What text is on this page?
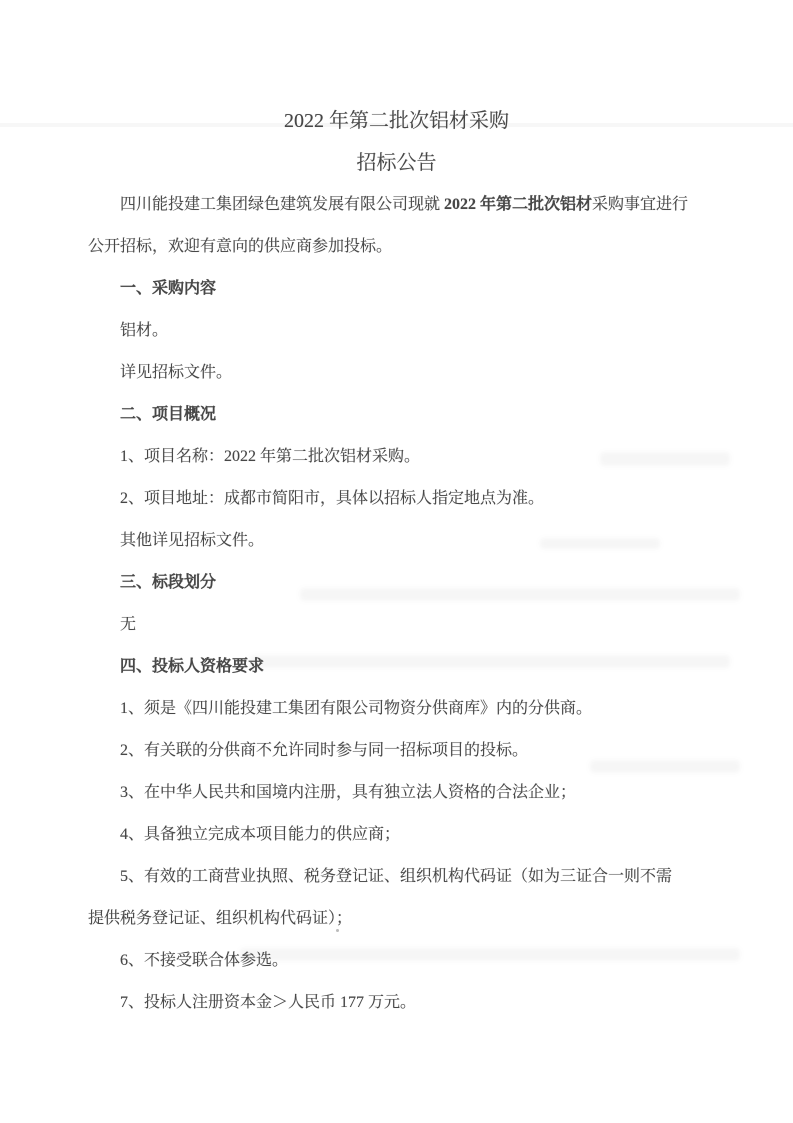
2022 年第二批次铝材采购
招标公告
四川能投建工集团绿色建筑发展有限公司现就 2022 年第二批次铝材采购事宜进行
公开招标，欢迎有意向的供应商参加投标。
一、采购内容
铝材。
详见招标文件。
二、项目概况
1、项目名称：2022 年第二批次铝材采购。
2、项目地址：成都市简阳市，具体以招标人指定地点为准。
其他详见招标文件。
三、标段划分
无
四、投标人资格要求
1、须是《四川能投建工集团有限公司物资分供商库》内的分供商。
2、有关联的分供商不允许同时参与同一招标项目的投标。
3、在中华人民共和国境内注册，具有独立法人资格的合法企业；
4、具备独立完成本项目能力的供应商；
5、有效的工商营业执照、税务登记证、组织机构代码证（如为三证合一则不需
提供税务登记证、组织机构代码证）；
6、不接受联合体参选。
7、投标人注册资本金＞人民币 177 万元。
